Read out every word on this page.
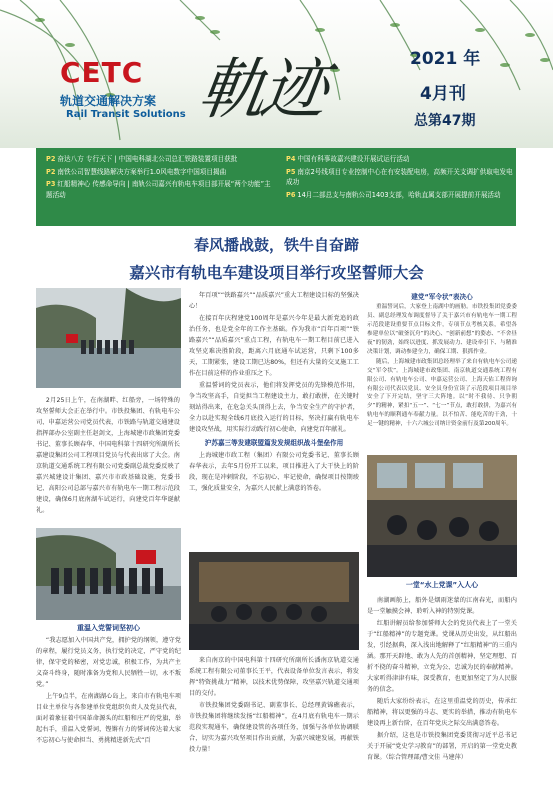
CETC
轨道交通解决方案
Rail Transit Solutions 軌迹	2021 年
4月刊
总第47期
P2 奋达八方 专行天下 | 中国电科湖北公司总汇铁路装置项目获批
P2 南铁公司智慧线路解决方案举行1.0风电数字中国项目揭曲
P3 红船精神心 传感命导向 | 南轨公司嘉兴有轨电车项目部开展“两个功能”主题活动
P4 中国有科事故嘉兴建设开展试运行活动
P5 南京2号线项目专业控制中心在有安装配电房，高频开关支调扩供取电发电成功
P6 14月二部总支与南轨公司1403支部，哈轨直属支部开展提前开展活动
春风播战鼓，铁牛自奋蹄
嘉兴市有轨电车建设项目举行攻坚誓师大会
重温入党誓词坚初心
一堂“水上党课”入人心

2月25日上午，在南湖畔、红船旁，一场特殊的攻坚誓师大会正在举行中。市铁投集团、有轨电车公司、申嘉运营公司党员代表，市铁路与轨道交通建设指挥部办公室副主任赵剑文，上海城建市政集团党委书记、董事长顾春华、中国电科第十四研究所副所长嘉建设集团公司工程项目党员与代表出席了大会。南京轨道交通系统工程有限公司党委副总裁党委反映了嘉兴城建设计集团、嘉兴市市政基础设施，党委书记、高阳公司总部与嘉兴市有轨电车一期工程示范段建设，确保6月底南湖车试运行，向建党百年华诞献礼。

“我志愿加入中国共产党，拥护党的纲领，遵守党的章程，履行党员义务，执行党的决定，严守党的纪律，保守党的秘密，对党忠诚，积极工作，为共产主义奋斗终身，随时准备为党和人民牺牲一切，永不叛党。”

上午9点半，在南湖湖心岛上，来自市有轨电车项目业主单位与各参建单位党组织负责人及党员代表，面对着象征着中国革命源头的红船和庄严的党旗，举起右手，重温入党誓词，铿锵有力的誓词传达着大家不忘初心与使命担当、勇挑精进新先式“百

年百项”“铁路嘉兴”“品质嘉兴”重大工程建设目标的坚强决心！

在接百年庆程建党100周年是嘉兴今年是最大新党追的政治任务，也是党全年的工作主基础。作为我市“百年百项”“铁路嘉兴”“品质嘉兴”重点工程，有轨电车一期工程目前已进入攻坚克难决胜阶段，距离六月底通车试运营，只剩下100多天，工期紧张，建设工期已达80%，但还有大量的交叉施工工作在目前这样的作业重压之下。

重温誓词的党员表示，他们将发挥党员的先锋模范作用，争当攻坚高手，自觉担当工程建设主力，敢打敢拼，在关键时刻站得出来，在危急关头顶得上去，争当安全生产的守护者，全力以赴实现全线6月底投入运行的目标，坚决打赢有轨电车建设攻坚战，用实际行动践行初心使命，向建党百年献礼。

沪苏嘉三等发建联盟篇发发规组织战斗堡垒作用

上海城建市政工程（集团）有限公司党委书记、董事长顾春华表示，去年5月份开工以来，项目推进入了大干快上的阶段，现在是冲刺阶段，不忘初心、牢记使命，确保项目按期竣工，强化质量安全，为嘉兴人民献上满意的答卷。

来自南京的中国电科第十四研究所副所长潘南京轨道交通系统工程有限公司董事长王平，代表设备单位发言表示，将发挥“特资挑战力”精神，以技术优势保障，攻坚嘉兴轨道交通项目的交付。

市铁投集团党委副书记、副董事长、总经理黄锦礁表示，市铁投集团将继续发扬“红船精神”，在4月底有轨电车一期示范段实现通车，确保建设管的各项任务，加强与各单位协调联合，切实为嘉兴攻坚项目作出贡献，为嘉兴城建发展，再献铁投力量！

建党“军令状”表决心

重温誓词后，大家登上南湖中的画舫。市铁投集团党委委员、副总经理发布调度督导了关于嘉兴市有轨电车一期工程示范段建设重要节点目标文件，专项节点考核关系，希望各参建单位以“破釜沉舟”的决心、“创新前想”的姿态、“不舍昼夜”的韧劲，始终以进度、抓发展动力、建设牵引下、与精准决策计划，调动参建全力，确保工期、狠抓作业。

随后，上海城建市政集团总经理举了来自有轨电车公司递交“军令状”。上海城建市政集团、南京轨道交通系统工程有限公司、有轨电车公司、申嘉运营公司、上海天佑工程咨询有限公司代表以党员、安全员身份宣读了示范段项目项目举安全了下开完结，坚守三大阵地。以“时不我待、只争朝夕”的精神，紧扣“五一”、“七一”节点，敢打敢拼，为嘉兴有轨电车的顺利通车奉献力量。以不怕苦、能吃苦的干劲，十足一键的精神，十六六城公司纳计资金前行及第200周年。

南湖画舫上，船外是烟雨迷蒙的江南春光，而船内是一堂触摸会神、聆听入神的特别党课。

红船讲解员给参加誓师大会的党员代表上了一堂关于“红船精神”的专题党课。党课从历史出发，从红船出发，引经据典，深入浅出地解释了“红船精神”的三重内涵。那开天辟地、敢为人先的首创精神，坚定理想、百折不挠的奋斗精神，立党为公、忠诚为民的奉献精神。大家听得津津有味，深受教育，也更加坚定了为人民服务的信念。

随后大家纷纷表示，在这里重温党的历史，传承红船精神，将以更强的斗志、更实的举措，推动有轨电车建设再上新台阶，在百年党庆之际交出满意答卷。

据介绍，这也是市铁投集团党委贯彻习近平总书记关于开展“党史学习教育”的部署，开启的第一堂党史教育课。（综合管理部/曹文佳 马建萍）
